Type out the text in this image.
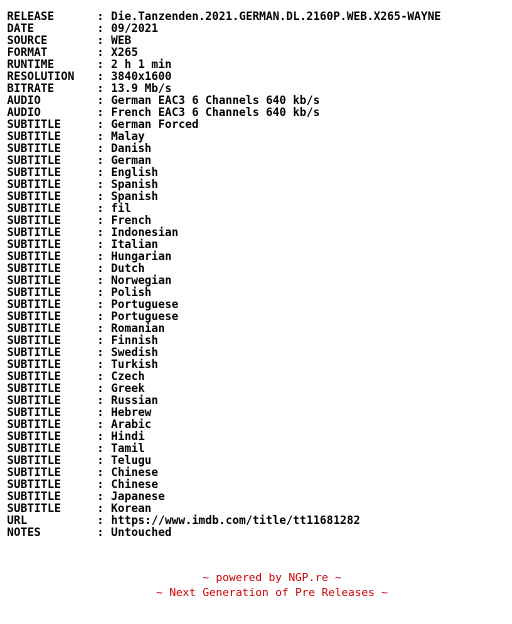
RELEASE	: Die.Tanzenden.2021.GERMAN.DL.2160P.WEB.X265-WAYNE
DATE	: 09/2021
SOURCE	: WEB
FORMAT	: X265
RUNTIME	: 2 h 1 min
RESOLUTION	: 3840x1600
BITRATE	: 13.9 Mb/s
AUDIO	: German EAC3 6 Channels 640 kb/s
AUDIO	: French EAC3 6 Channels 640 kb/s
SUBTITLE	: German Forced
SUBTITLE	: Malay
SUBTITLE	: Danish
SUBTITLE	: German
SUBTITLE	: English
SUBTITLE	: Spanish
SUBTITLE	: Spanish
SUBTITLE	: fil
SUBTITLE	: French
SUBTITLE	: Indonesian
SUBTITLE	: Italian
SUBTITLE	: Hungarian
SUBTITLE	: Dutch
SUBTITLE	: Norwegian
SUBTITLE	: Polish
SUBTITLE	: Portuguese
SUBTITLE	: Portuguese
SUBTITLE	: Romanian
SUBTITLE	: Finnish
SUBTITLE	: Swedish
SUBTITLE	: Turkish
SUBTITLE	: Czech
SUBTITLE	: Greek
SUBTITLE	: Russian
SUBTITLE	: Hebrew
SUBTITLE	: Arabic
SUBTITLE	: Hindi
SUBTITLE	: Tamil
SUBTITLE	: Telugu
SUBTITLE	: Chinese
SUBTITLE	: Chinese
SUBTITLE	: Japanese
SUBTITLE	: Korean
URL	: https://www.imdb.com/title/tt11681282
NOTES	: Untouched
~ powered by NGP.re ~
~ Next Generation of Pre Releases ~
